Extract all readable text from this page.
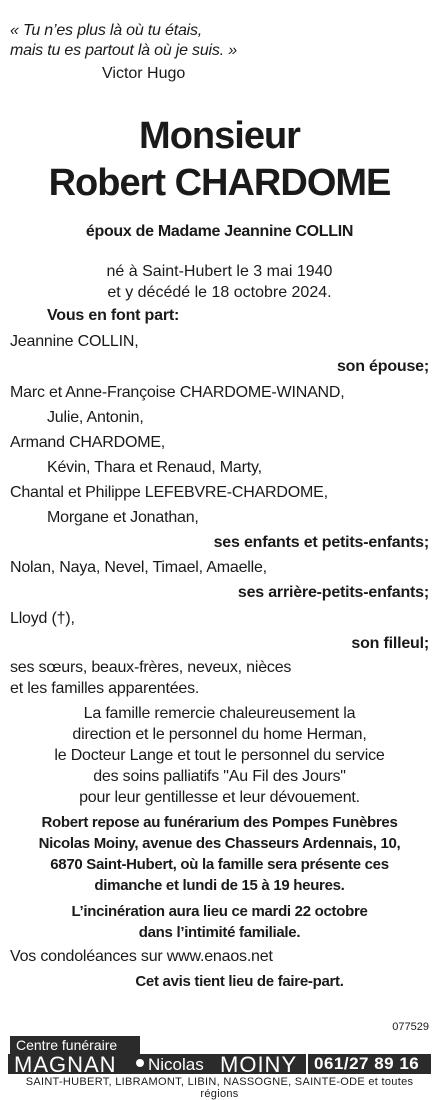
« Tu n’es plus là où tu étais,
mais tu es partout là où je suis. »
Victor Hugo
Monsieur
Robert CHARDOME
époux de Madame Jeannine COLLIN
né à Saint-Hubert le 3 mai 1940
et y décédé le 18 octobre 2024.
Vous en font part:
Jeannine COLLIN,
son épouse;
Marc et Anne-Françoise CHARDOME-WINAND,
Julie, Antonin,
Armand CHARDOME,
Kévin, Thara et Renaud, Marty,
Chantal et Philippe LEFEBVRE-CHARDOME,
Morgane et Jonathan,
ses enfants et petits-enfants;
Nolan, Naya, Nevel, Timael, Amaelle,
ses arrière-petits-enfants;
Lloyd (†),
son filleul;
ses sœurs, beaux-frères, neveux, nièces
et les familles apparentées.
La famille remercie chaleureusement la
direction et le personnel du home Herman,
le Docteur Lange et tout le personnel du service
des soins palliatifs "Au Fil des Jours"
pour leur gentillesse et leur dévouement.
Robert repose au funérarium des Pompes Funèbres
Nicolas Moiny, avenue des Chasseurs Ardennais, 10,
6870 Saint-Hubert, où la famille sera présente ces
dimanche et lundi de 15 à 19 heures.
L’incinération aura lieu ce mardi 22 octobre
dans l’intimité familiale.
Vos condoléances sur www.enaos.net
Cet avis tient lieu de faire-part.
077529
Centre funéraire
MAGNAN Nicolas MOINY 061/27 89 16
SAINT-HUBERT, LIBRAMONT, LIBIN, NASSOGNE, SAINTE-ODE et toutes régions
